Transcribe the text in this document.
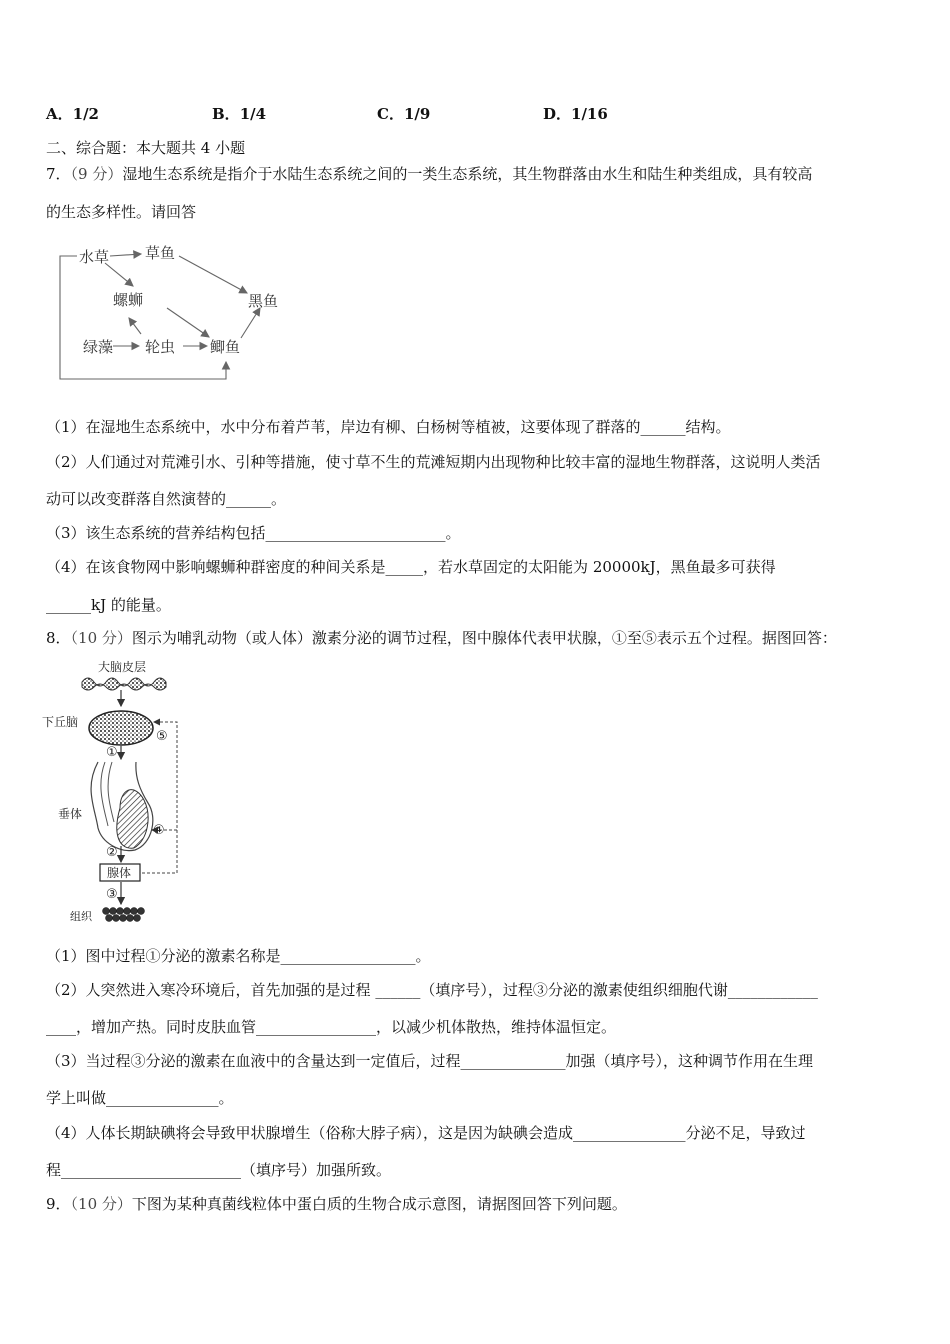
A．1/2	B．1/4	C．1/9	D．1/16
二、综合题：本大题共 4 小题
7．（9 分）湿地生态系统是指介于水陆生态系统之间的一类生态系统，其生物群落由水生和陆生种类组成，具有较高
的生态多样性。请回答
水草 草鱼
螺蛳	黑鱼
绿藻 轮虫 鲫鱼
（1）在湿地生态系统中，水中分布着芦苇，岸边有柳、白杨树等植被，这要体现了群落的______结构。
（2）人们通过对荒滩引水、引种等措施，使寸草不生的荒滩短期内出现物种比较丰富的湿地生物群落，这说明人类活
动可以改变群落自然演替的______。
（3）该生态系统的营养结构包括________________________。
（4）在该食物网中影响螺蛳种群密度的种间关系是_____，若水草固定的太阳能为 20000kJ，黑鱼最多可获得
______kJ 的能量。
8．（10 分）图示为哺乳动物（或人体）激素分泌的调节过程，图中腺体代表甲状腺，①至⑤表示五个过程。据图回答：
大脑皮层
下丘脑
①
垂体
②
腺体
③
组织
⑤
④
（1）图中过程①分泌的激素名称是__________________。
（2）人突然进入寒冷环境后，首先加强的是过程 ______（填序号），过程③分泌的激素使组织细胞代谢____________
____，增加产热。同时皮肤血管________________，以减少机体散热，维持体温恒定。
（3）当过程③分泌的激素在血液中的含量达到一定值后，过程______________加强（填序号），这种调节作用在生理
学上叫做_______________。
（4）人体长期缺碘将会导致甲状腺增生（俗称大脖子病），这是因为缺碘会造成_______________分泌不足，导致过
程________________________（填序号）加强所致。
9．（10 分）下图为某种真菌线粒体中蛋白质的生物合成示意图，请据图回答下列问题。
